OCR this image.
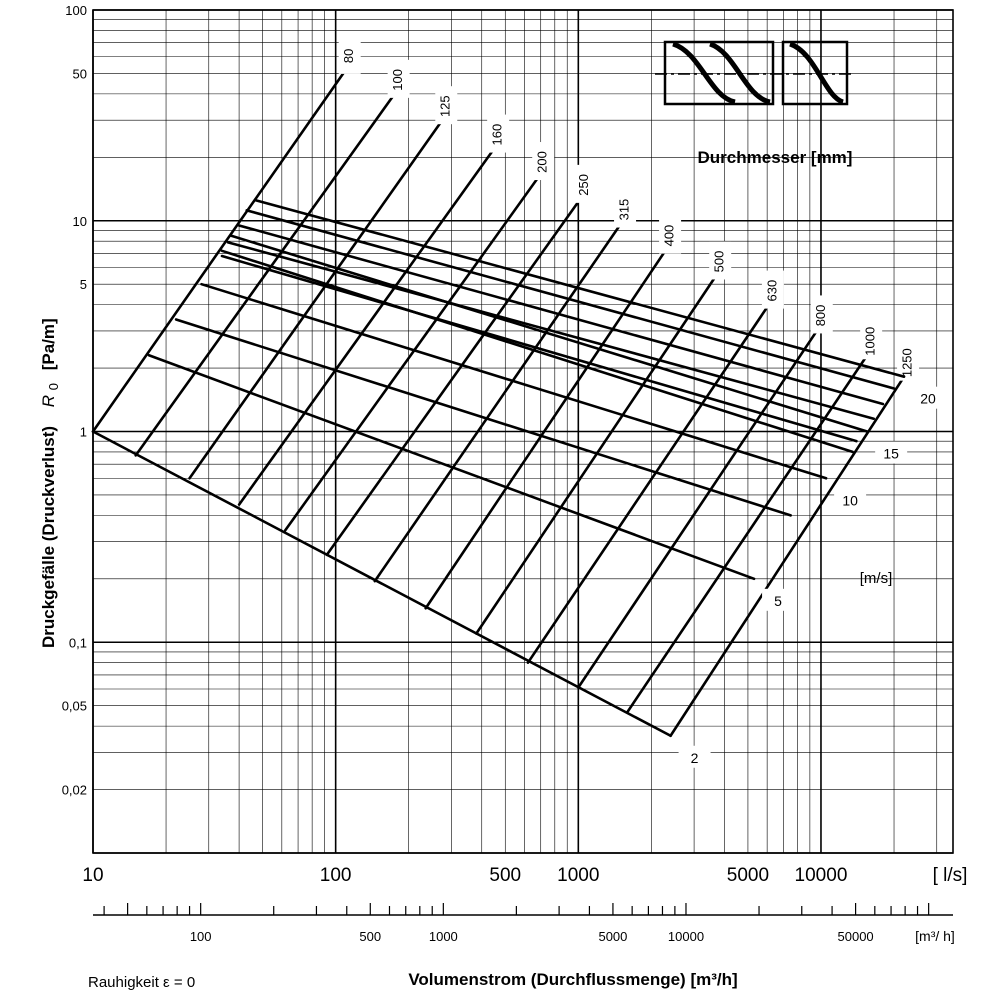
80
100
125
160
200
250
315
400
500
630
800
1000
1250
20
15
10
5
2
100
50
10
5
1
0,1
0,05
0,02
10	100	500 1000	5000 10000
100	500	1000	5000	10000	50000
Durchmesser [mm]
[m/s]
[ l/s]
[m³/ h]
Volumenstrom (Durchflussmenge) [m³/h]
Rauhigkeit ε = 0
Druckgefälle (Druckverlust) R $_0$ [Pa/m]
